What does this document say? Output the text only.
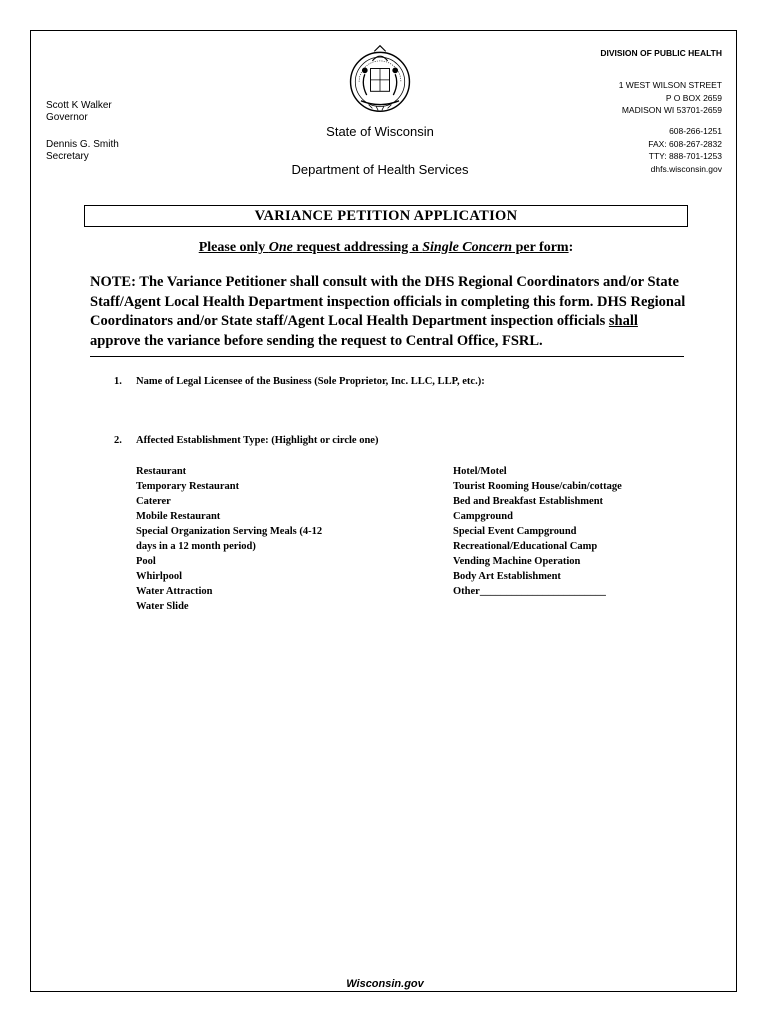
Scott K Walker
Governor
Dennis G. Smith
Secretary
State of Wisconsin
Department of Health Services
DIVISION OF PUBLIC HEALTH
1 WEST WILSON STREET
P O BOX 2659
MADISON WI 53701-2659
608-266-1251
FAX: 608-267-2832
TTY: 888-701-1253
dhfs.wisconsin.gov
VARIANCE PETITION APPLICATION
Please only One request addressing a Single Concern per form:
NOTE: The Variance Petitioner shall consult with the DHS Regional Coordinators and/or State Staff/Agent Local Health Department inspection officials in completing this form. DHS Regional Coordinators and/or State staff/Agent Local Health Department inspection officials shall approve the variance before sending the request to Central Office, FSRL.
1. Name of Legal Licensee of the Business (Sole Proprietor, Inc. LLC, LLP, etc.):
2. Affected Establishment Type: (Highlight or circle one)
Restaurant
Temporary Restaurant
Caterer
Mobile Restaurant
Special Organization Serving Meals (4-12
days in a 12 month period)
Pool
Whirlpool
Water Attraction
Water Slide
Hotel/Motel
Tourist Rooming House/cabin/cottage
Bed and Breakfast Establishment
Campground
Special Event Campground
Recreational/Educational Camp
Vending Machine Operation
Body Art Establishment
Other________________________
Wisconsin.gov
